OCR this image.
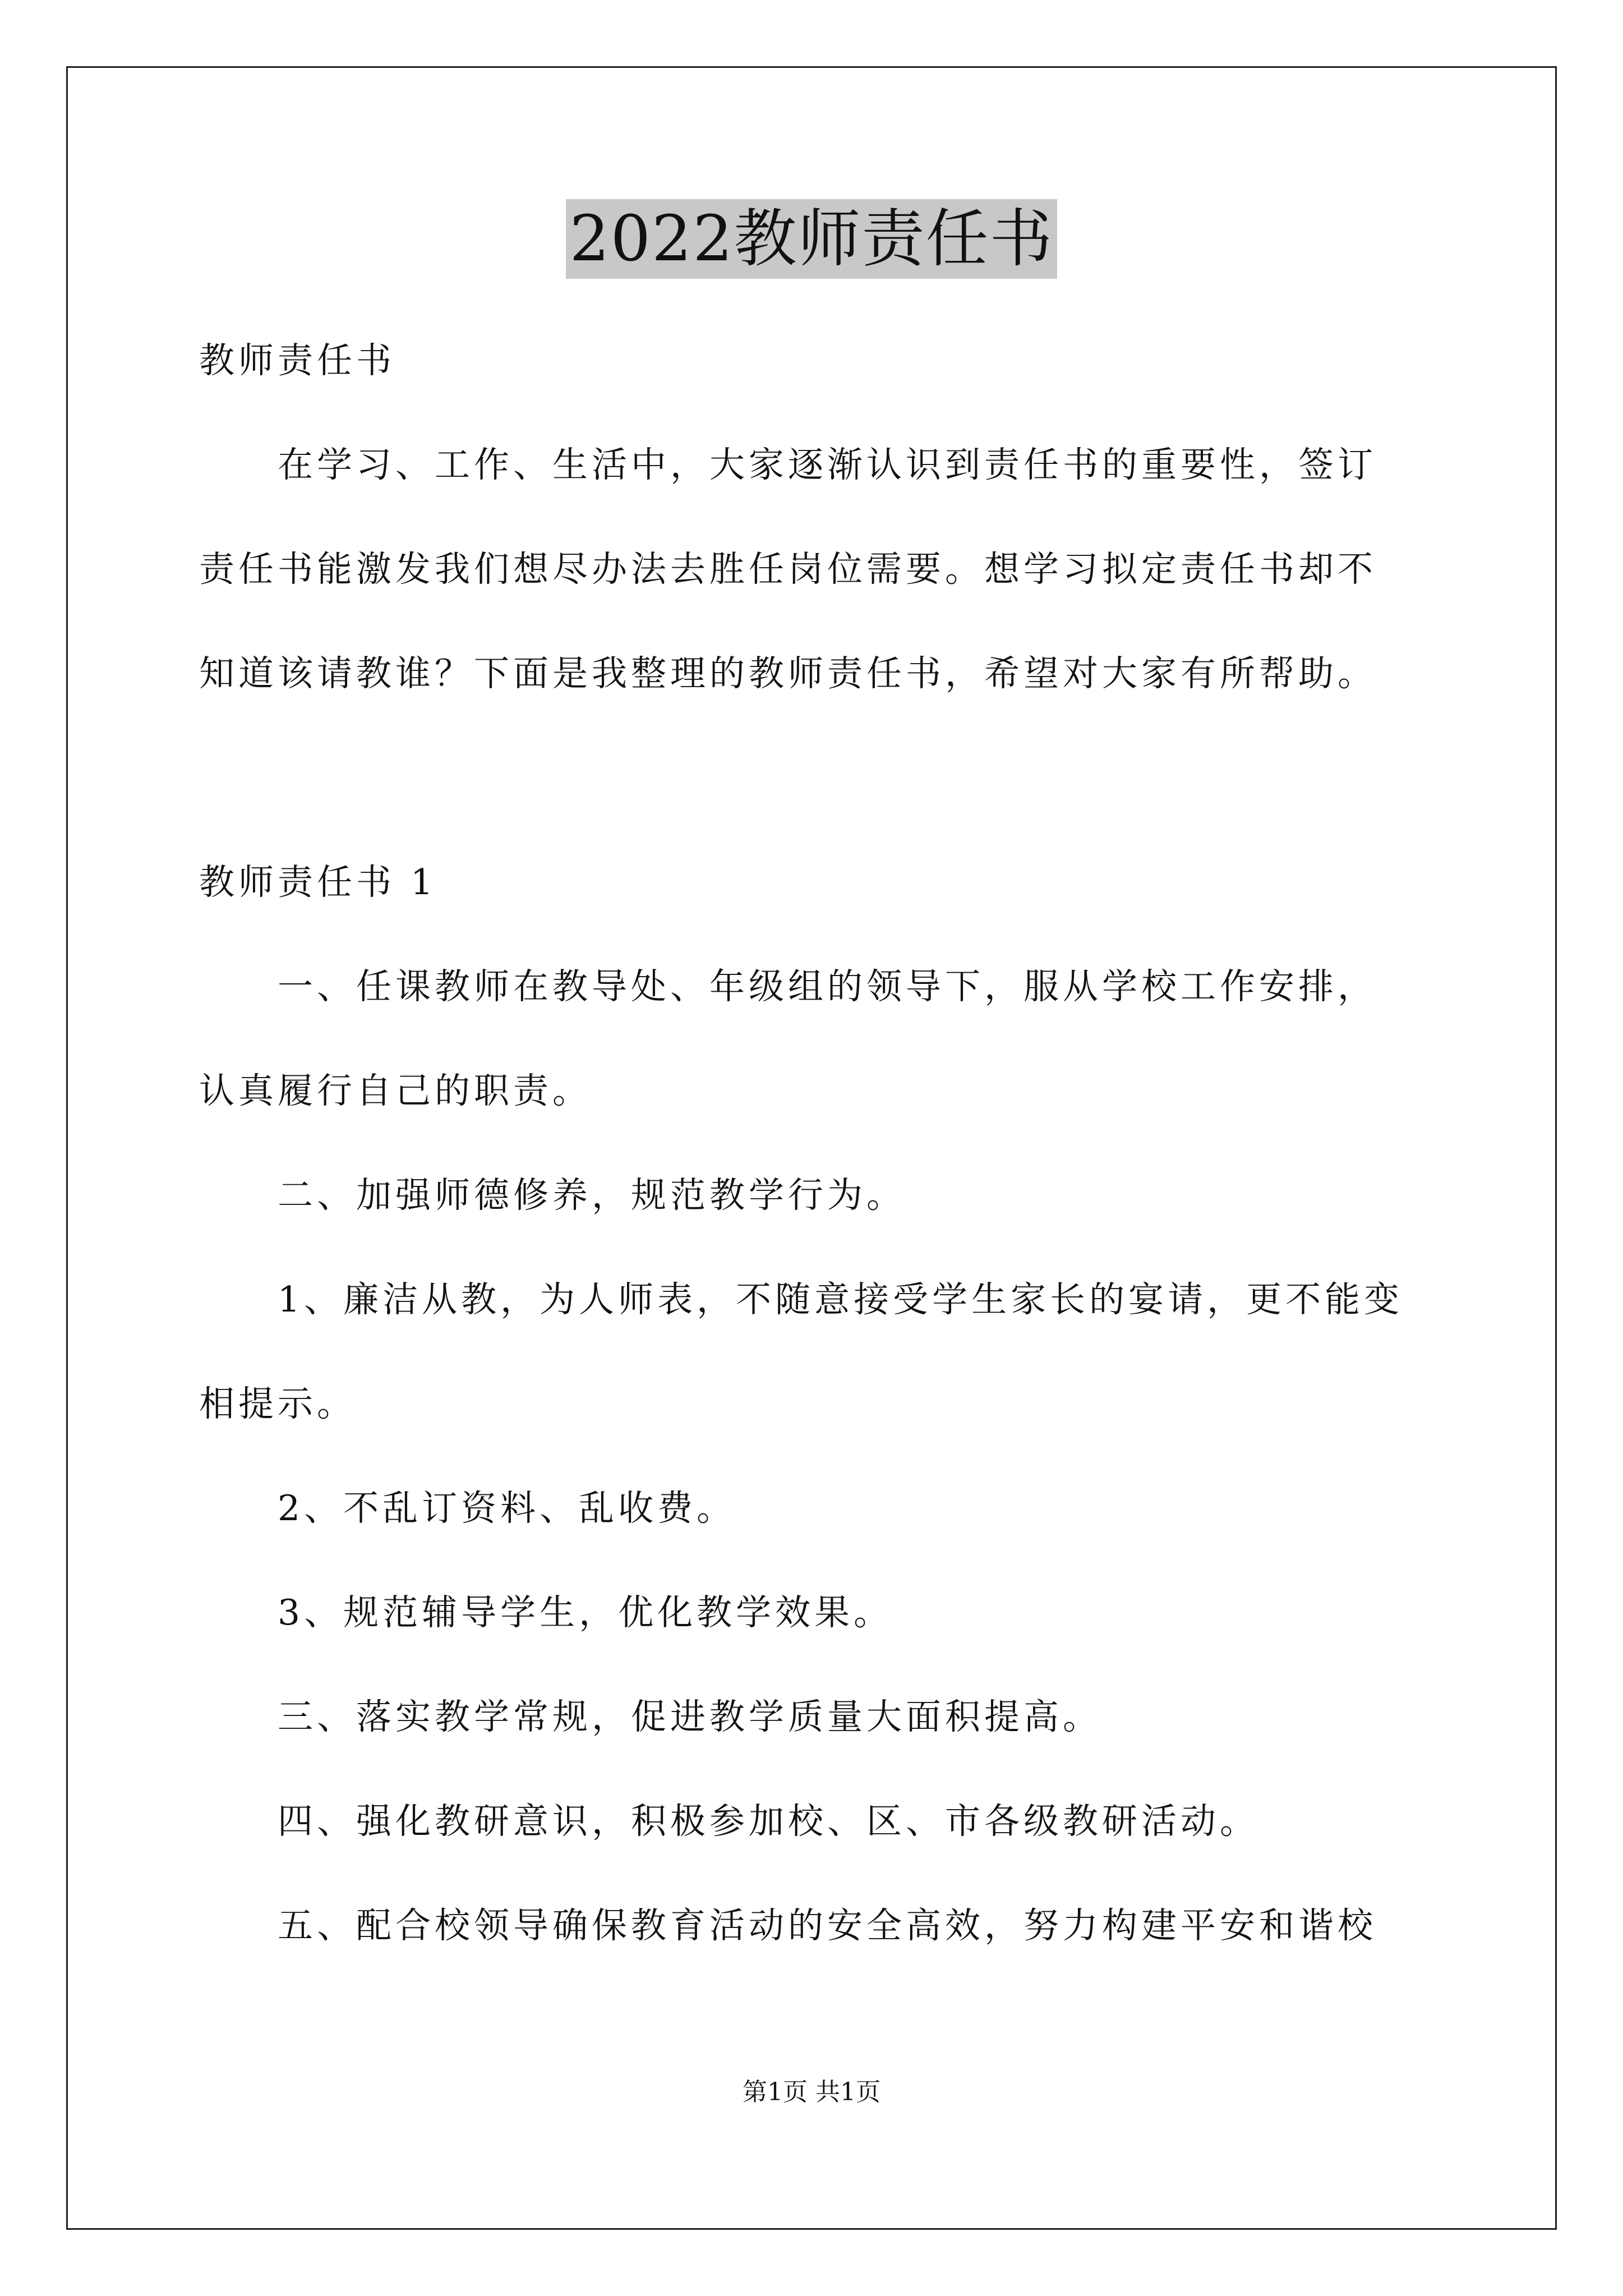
2022教师责任书

教师责任书

在学习、工作、生活中，大家逐渐认识到责任书的重要性，签订

责任书能激发我们想尽办法去胜任岗位需要。想学习拟定责任书却不

知道该请教谁？下面是我整理的教师责任书，希望对大家有所帮助。

教师责任书 1

一、任课教师在教导处、年级组的领导下，服从学校工作安排，

认真履行自己的职责。

二、加强师德修养，规范教学行为。

1、廉洁从教，为人师表，不随意接受学生家长的宴请，更不能变

相提示。

2、不乱订资料、乱收费。

3、规范辅导学生，优化教学效果。

三、落实教学常规，促进教学质量大面积提高。

四、强化教研意识，积极参加校、区、市各级教研活动。

五、配合校领导确保教育活动的安全高效，努力构建平安和谐校

第1页 共1页
